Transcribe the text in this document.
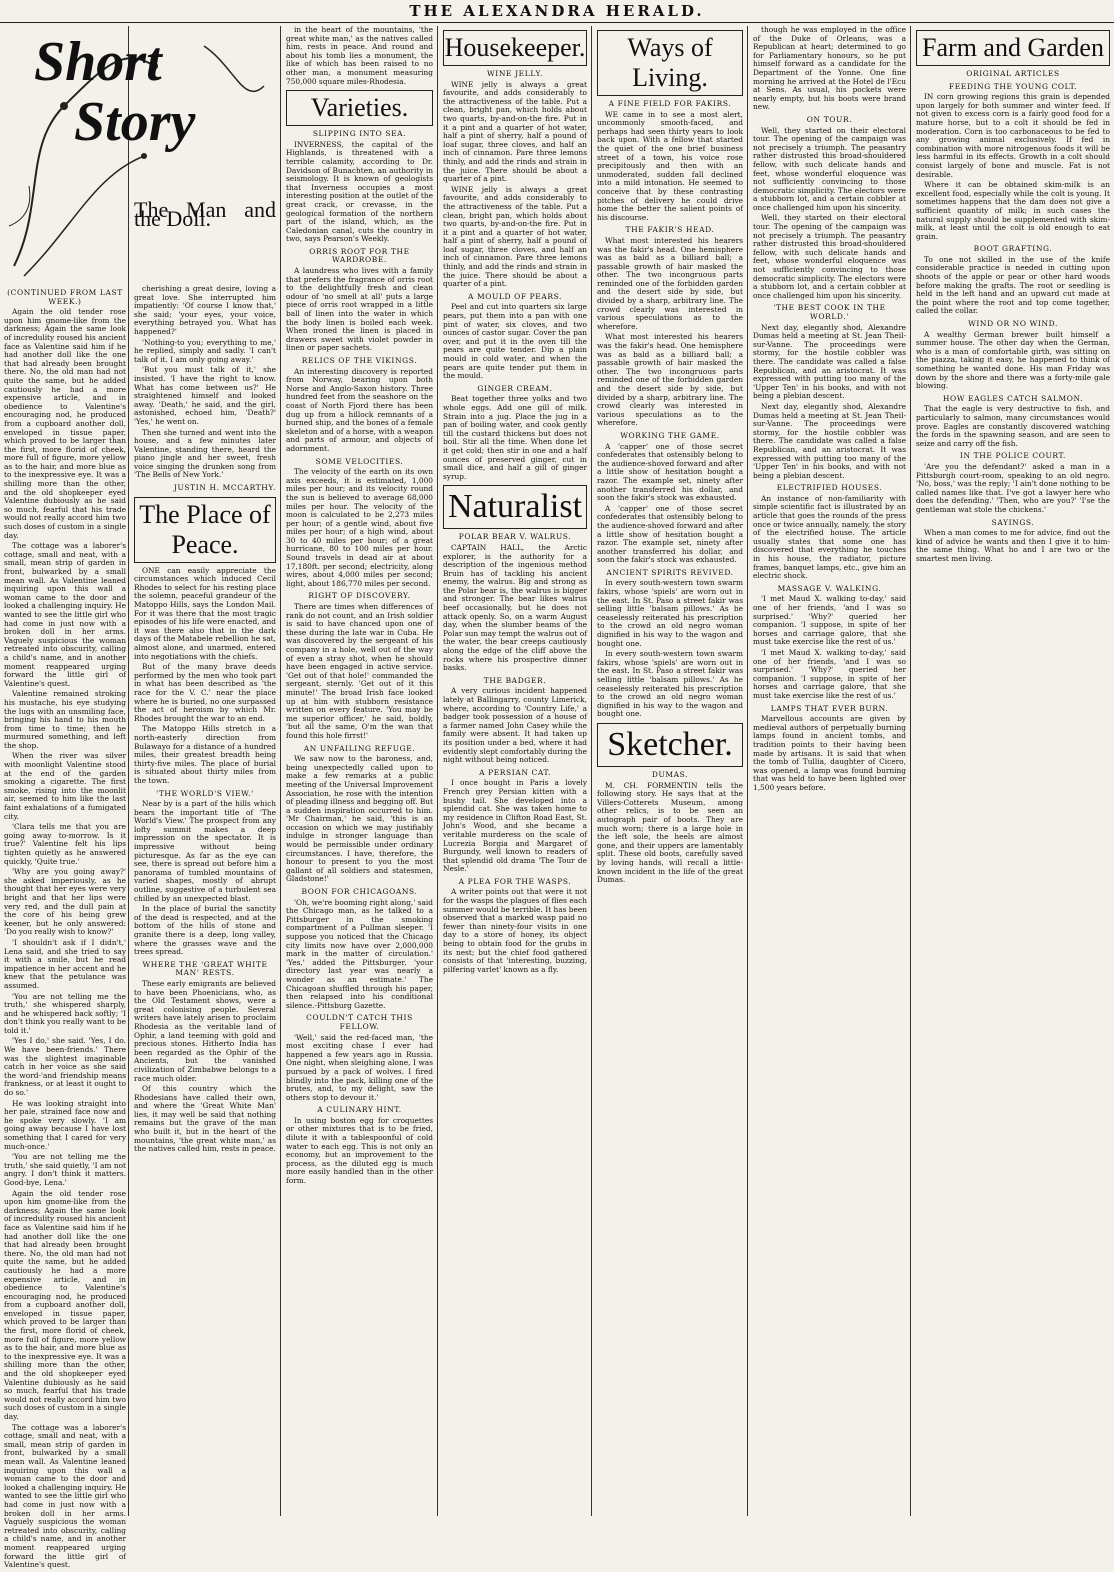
THE ALEXANDRA HERALD.
Short
Story
The Man and the Doll.
(CONTINUED FROM LAST WEEK.)

Again the old tender rose upon him gnome-like from the darkness; Again the same look of incredulity roused his ancient face as Valentine said him if he had another doll like the one that had already been brought there. No, the old man had not quite the same, but he added cautiously he had a more expensive article, and in obedience to Valentine's encouraging nod, he produced from a cupboard another doll, enveloped in tissue paper, which proved to be larger than the first, more florid of cheek, more full of figure, more yellow as to the hair, and more blue as to the inexpressive eye. It was a shilling more than the other, and the old shopkeeper eyed Valentine dubiously as he said so much, fearful that his trade would not really accord him two such doses of custom in a single day.

The cottage was a laborer's cottage, small and neat, with a small, mean strip of garden in front, bulwarked by a small mean wall. As Valentine leaned inquiring upon this wall a woman came to the door and looked a challenging inquiry. He wanted to see the little girl who had come in just now with a broken doll in her arms. Vaguely suspicious the woman retreated into obscurity, calling a child's name, and in another moment reappeared urging forward the little girl of Valentine's quest.

Valentine remained stroking his mustache, his eye studying the lugs with an unsmiling face, bringing his hand to his mouth from time to time; then he murmured something, and left the shop.

When the river was silver with moonlight Valentine stood at the end of the garden smoking a cigarette. The first smoke, rising into the moonlit air, seemed to him like the last faint exhalations of a fumigated city.

'Clara tells me that you are going away to-morrow. Is it true?' Valentine felt his lips tighten quietly as he answered quickly, 'Quite true.'

'Why are you going away?' she asked imperiously, as he thought that her eyes were very bright and that her lips were very red, and the dull pain at the core of his being grew keener, but he only answered: 'Do you really wish to know?'

'I shouldn't ask if I didn't,' Lena said, and she tried to say it with a smile, but he read impatience in her accent and he knew that the petulance was assumed.

'You are not telling me the truth,' she whispered sharply, and he whispered back softly; 'I don't think you really want to be told it.'

'Yes I do,' she said. 'Yes, I do. We have been-friends.' There was the slightest imaginable catch in her voice as she said the word-'and friendship means frankness, or at least it ought to do so.'

He was looking straight into her pale, strained face now and he spoke very slowly. 'I am going away because I have lost something that I cared for very much-once.'

'You are not telling me the truth,' she said quietly, 'I am not angry. I don't think it matters. Good-bye, Lena.'

Again the old tender rose upon him gnome-like from the darkness; Again the same look of incredulity roused his ancient face as Valentine said him if he had another doll like the one that had already been brought there. No, the old man had not quite the same, but he added cautiously he had a more expensive article, and in obedience to Valentine's encouraging nod, he produced from a cupboard another doll, enveloped in tissue paper, which proved to be larger than the first, more florid of cheek, more full of figure, more yellow as to the hair, and more blue as to the inexpressive eye. It was a shilling more than the other, and the old shopkeeper eyed Valentine dubiously as he said so much, fearful that his trade would not really accord him two such doses of custom in a single day.

The cottage was a laborer's cottage, small and neat, with a small, mean strip of garden in front, bulwarked by a small mean wall. As Valentine leaned inquiring upon this wall a woman came to the door and looked a challenging inquiry. He wanted to see the little girl who had come in just now with a broken doll in her arms. Vaguely suspicious the woman retreated into obscurity, calling a child's name, and in another moment reappeared urging forward the little girl of Valentine's quest.

cherishing a great desire, loving a great love. She interrupted him impatiently: 'Of course I know that,' she said; 'your eyes, your voice, everything betrayed you. What has happened?'

'Nothing-to you; everything to me,' he replied, simply and sadly. 'I can't talk of it. I am only going away.'

'But you must talk of it,' she insisted. 'I have the right to know. What has come between us?' He straightened himself and looked away. 'Death,' he said, and the girl, astonished, echoed him, 'Death?' 'Yes,' he went on.

Then she turned and went into the house, and a few minutes later Valentine, standing there, heard the piano jingle and her sweet, fresh voice singing the drunken song from 'The Bells of New York.'

JUSTIN H. MCCARTHY.
The Place of Peace.

ONE can easily appreciate the circumstances which induced Cecil Rhodes to select for his resting place the solemn, peaceful grandeur of the Matoppo Hills, says the London Mail. For it was there that the most tragic episodes of his life were enacted, and it was there also that in the dark days of the Matabele rebellion he sat, almost alone, and unarmed, entered into negotiations with the chiefs.

But of the many brave deeds performed by the men who took part in what has been described as 'the race for the V. C.' near the place where he is buried, no one surpassed the act of heroism by which Mr. Rhodes brought the war to an end.

The Matoppo Hills stretch in a north-easterly direction from Bulawayo for a distance of a hundred miles, their greatest breadth being thirty-five miles. The place of burial is situated about thirty miles from the town.

'THE WORLD'S VIEW.'

Near by is a part of the hills which bears the important title of 'The World's View.' The prospect from any lofty summit makes a deep impression on the spectator. It is impressive without being picturesque. As far as the eye can see, there is spread out before him a panorama of tumbled mountains of varied shapes, mostly of abrupt outline, suggestive of a turbulent sea chilled by an unexpected blast.

In the place of burial the sanctity of the dead is respected, and at the bottom of the hills of stone and granite there is a deep, long valley, where the grasses wave and the trees spread.

WHERE THE 'GREAT WHITE MAN' RESTS.

These early emigrants are believed to have been Phoenicians, who, as the Old Testament shows, were a great colonising people. Several writers have lately arisen to proclaim Rhodesia as the veritable land of Ophir, a land teeming with gold and precious stones. Hitherto India has been regarded as the Ophir of the Ancients, but the vanished civilization of Zimbabwe belongs to a race much older.

Of this country which the Rhodesians have called their own, and where the 'Great White Man' lies, it may well be said that nothing remains but the grave of the man who built it, but in the heart of the mountains, 'the great white man,' as the natives called him, rests in peace.

in the heart of the mountains, 'the great white man,' as the natives called him, rests in peace. And round and about his tomb lies a monument, the like of which has been raised to no other man, a monument measuring 750,000 square miles-Rhodesia.

Varieties.
SLIPPING INTO SEA.

INVERNESS, the capital of the Highlands, is threatened with a terrible calamity, according to Dr. Davidson of Bunachten, an authority in seismology. It is known of geologists that Inverness occupies a most interesting position at the outlet of the great crack, or crevasse, in the geological formation of the northern part of the island, which, as the Caledonian canal, cuts the country in two, says Pearson's Weekly.

ORRIS ROOT FOR THE WARDROBE.

A laundress who lives with a family that prefers the fragrance of orris root to the delightfully fresh and clean odour of 'no smell at all' puts a large piece of orris root wrapped in a little ball of linen into the water in which the body linen is boiled each week. When ironed the linen is placed in drawers sweet with violet powder in linen or paper sachets.

RELICS OF THE VIKINGS.

An interesting discovery is reported from Norway, bearing upon both Norse and Anglo-Saxon history. Three hundred feet from the seashore on the coast of North Fjord there has been dug up from a hillock remnants of a burned ship, and the bones of a female skeleton and of a horse, with a weapon and parts of armour, and objects of adornment.

SOME VELOCITIES.

The velocity of the earth on its own axis exceeds, it is estimated, 1,000 miles per hour; and its velocity round the sun is believed to average 68,000 miles per hour. The velocity of the moon is calculated to be 2,273 miles per hour; of a gentle wind, about five miles per hour; of a high wind, about 30 to 40 miles per hour; of a great hurricane, 80 to 100 miles per hour. Sound travels in dead air at about 17,180ft. per second; electricity, along wires, about 4,000 miles per second; light, about 186,770 miles per second.

RIGHT OF DISCOVERY.

There are times when differences of rank do not count, and an Irish soldier is said to have chanced upon one of these during the late war in Cuba. He was discovered by the sergeant of his company in a hole, well out of the way of even a stray shot, when he should have been engaged in active service. 'Get out of that hole!' commanded the sergeant, sternly. 'Get out of it this minute!' The broad Irish face looked up at him with stubborn resistance written on every feature. 'You may be me superior officer,' he said, boldly, 'but all the same, O'm the wan that found this hole firrst!'

AN UNFAILING REFUGE.

We saw now to the baroness, and, being unexpectedly called upon to make a few remarks at a public meeting of the Universal Improvement Association, he rose with the intention of pleading illness and begging off. But a sudden inspiration occurred to him. 'Mr Chairman,' he said, 'this is an occasion on which we may justifiably indulge in stronger language than would be permissible under ordinary circumstances. I have, therefore, the honour to present to you the most gallant of all soldiers and statesmen, Gladstone!'

BOON FOR CHICAGOANS.

'Oh, we're booming right along,' said the Chicago man, as he talked to a Pittsburger in the smoking compartment of a Pullman sleeper. 'I suppose you noticed that the Chicago city limits now have over 2,000,000 mark in the matter of circulation.' 'Yes,' added the Pittsburger, 'your directory last year was nearly a wonder as an estimate.' The Chicagoan shuffled through his paper, then relapsed into his conditional silence.-Pittsburg Gazette.

COULDN'T CATCH THIS FELLOW.

'Well,' said the red-faced man, 'the most exciting chase I ever had happened a few years ago in Russia. One night, when sleighing alone, I was pursued by a pack of wolves. I fired blindly into the pack, killing one of the brutes, and, to my delight, saw the others stop to devour it.'

A CULINARY HINT.

In using boston egg for croquettes or other mixtures that is to be fried, dilute it with a tablespoonful of cold water to each egg. This is not only an economy, but an improvement to the process, as the diluted egg is much more easily handled than in the other form.

Housekeeper.
WINE JELLY.

WINE jelly is always a great favourite, and adds considerably to the attractiveness of the table. Put a clean, bright pan, which holds about two quarts, by-and-on-the fire. Put in it a pint and a quarter of hot water, half a pint of sherry, half a pound of loaf sugar, three cloves, and half an inch of cinnamon. Pare three lemons thinly, and add the rinds and strain in the juice. There should be about a quarter of a pint.

WINE jelly is always a great favourite, and adds considerably to the attractiveness of the table. Put a clean, bright pan, which holds about two quarts, by-and-on-the fire. Put in it a pint and a quarter of hot water, half a pint of sherry, half a pound of loaf sugar, three cloves, and half an inch of cinnamon. Pare three lemons thinly, and add the rinds and strain in the juice. There should be about a quarter of a pint.

A MOULD OF PEARS.

Peel and cut into quarters six large pears, put them into a pan with one pint of water, six cloves, and two ounces of castor sugar. Cover the pan over, and put it in the oven till the pears are quite tender. Dip a plain mould in cold water, and when the pears are quite tender put them in the mould.

GINGER CREAM.

Beat together three yolks and two whole eggs. Add one gill of milk. Strain into a jug. Place the jug in a pan of boiling water, and cook gently till the custard thickens but does not boil. Stir all the time. When done let it get cold; then stir in one and a half ounces of preserved ginger, cut in small dice, and half a gill of ginger syrup.

Naturalist
POLAR BEAR V. WALRUS.

CAPTAIN HALL, the Arctic explorer, is the authority for a description of the ingenious method Bruin has of tackling his ancient enemy, the walrus. Big and strong as the Polar bear is, the walrus is bigger and stronger. The bear likes walrus beef occasionally, but he does not attack openly. So, on a warm August day, when the slumber beams of the Polar sun may tempt the walrus out of the water, the bear creeps cautiously along the edge of the cliff above the rocks where his prospective dinner basks.

THE BADGER.

A very curious incident happened lately at Ballingarry, county Limerick, where, according to 'Country Life,' a badger took possession of a house of a farmer named John Casey while the family were absent. It had taken up its position under a bed, where it had evidently slept comfortably during the night without being noticed.

A PERSIAN CAT.

I once bought in Paris a lovely French grey Persian kitten with a bushy tail. She developed into a splendid cat. She was taken home to my residence in Clifton Road East, St. John's Wood, and she became a veritable murderess on the scale of Lucrezia Borgia and Margaret of Burgundy, well known to readers of that splendid old drama 'The Tour de Nesle.'

A PLEA FOR THE WASPS.

A writer points out that were it not for the wasps the plagues of flies each summer would be terrible. It has been observed that a marked wasp paid no fewer than ninety-four visits in one day to a store of honey, its object being to obtain food for the grubs in its nest; but the chief food gathered consists of that 'interesting, buzzing, pilfering varlet' known as a fly.

Ways of Living.
A FINE FIELD FOR FAKIRS.

WE came in to see a most alert, uncommonly smooth-faced, and perhaps had seen thirty years to look back upon. With a fellow that started the quiet of the one brief business street of a town, his voice rose precipitously and then with an unmoderated, sudden fall declined into a mild intonation. He seemed to conceive that by these contrasting pitches of delivery he could drive home the better the salient points of his discourse.

THE FAKIR'S HEAD.

What most interested his hearers was the fakir's head. One hemisphere was as bald as a billiard ball; a passable growth of hair masked the other. The two incongruous parts reminded one of the forbidden garden and the desert side by side, but divided by a sharp, arbitrary line. The crowd clearly was interested in various speculations as to the wherefore.

What most interested his hearers was the fakir's head. One hemisphere was as bald as a billiard ball; a passable growth of hair masked the other. The two incongruous parts reminded one of the forbidden garden and the desert side by side, but divided by a sharp, arbitrary line. The crowd clearly was interested in various speculations as to the wherefore.

WORKING THE GAME.

A 'capper' one of those secret confederates that ostensibly belong to the audience-shoved forward and after a little show of hesitation bought a razor. The example set, ninety after another transferred his dollar, and soon the fakir's stock was exhausted.

A 'capper' one of those secret confederates that ostensibly belong to the audience-shoved forward and after a little show of hesitation bought a razor. The example set, ninety after another transferred his dollar, and soon the fakir's stock was exhausted.

ANCIENT SPIRITS REVIVED.

In every south-western town swarm fakirs, whose 'spiels' are worn out in the east. In St. Paso a street fakir was selling little 'balsam pillows.' As he ceaselessly reiterated his prescription to the crowd an old negro woman dignified in his way to the wagon and bought one.

In every south-western town swarm fakirs, whose 'spiels' are worn out in the east. In St. Paso a street fakir was selling little 'balsam pillows.' As he ceaselessly reiterated his prescription to the crowd an old negro woman dignified in his way to the wagon and bought one.

Sketcher.
DUMAS.

M. CH. FORMENTIN tells the following story. He says that at the Villers-Cotterets Museum, among other relics, is to be seen an autograph pair of boots. They are much worn; there is a large hole in the left sole, the heels are almost gone, and their uppers are lamentably split. These old boots, carefully saved by loving hands, will recall a little-known incident in the life of the great Dumas.

though he was employed in the office of the Duke of Orleans, was a Republican at heart; determined to go for Parliamentary honours, so he put himself forward as a candidate for the Department of the Yonne. One fine morning he arrived at the Hotel de l'Ecu at Sens. As usual, his pockets were nearly empty, but his boots were brand new.

ON TOUR.

Well, they started on their electoral tour. The opening of the campaign was not precisely a triumph. The peasantry rather distrusted this broad-shouldered fellow, with such delicate hands and feet, whose wonderful eloquence was not sufficiently convincing to those democratic simplicity. The electors were a stubborn lot, and a certain cobbler at once challenged him upon his sincerity.

Well, they started on their electoral tour. The opening of the campaign was not precisely a triumph. The peasantry rather distrusted this broad-shouldered fellow, with such delicate hands and feet, whose wonderful eloquence was not sufficiently convincing to those democratic simplicity. The electors were a stubborn lot, and a certain cobbler at once challenged him upon his sincerity.

'THE BEST COOK IN THE WORLD.'

Next day, elegantly shod, Alexandre Dumas held a meeting at St. Jean Theil-sur-Vanne. The proceedings were stormy, for the hostile cobbler was there. The candidate was called a false Republican, and an aristocrat. It was expressed with putting too many of the 'Upper Ten' in his books, and with not being a plebian descent.

Next day, elegantly shod, Alexandre Dumas held a meeting at St. Jean Theil-sur-Vanne. The proceedings were stormy, for the hostile cobbler was there. The candidate was called a false Republican, and an aristocrat. It was expressed with putting too many of the 'Upper Ten' in his books, and with not being a plebian descent.

ELECTRIFIED HOUSES.

An instance of non-familiarity with simple scientific fact is illustrated by an article that goes the rounds of the press once or twice annually, namely, the story of the electrified house. The article usually states that some one has discovered that everything he touches in his house, the radiator, picture frames, banquet lamps, etc., give him an electric shock.

MASSAGE V. WALKING.

'I met Maud X. walking to-day,' said one of her friends, 'and I was so surprised.' 'Why?' queried her companion. 'I suppose, in spite of her horses and carriage galore, that she must take exercise like the rest of us.'

'I met Maud X. walking to-day,' said one of her friends, 'and I was so surprised.' 'Why?' queried her companion. 'I suppose, in spite of her horses and carriage galore, that she must take exercise like the rest of us.'

LAMPS THAT EVER BURN.

Marvellous accounts are given by medieval authors of perpetually burning lamps found in ancient tombs, and tradition points to their having been made by artisans. It is said that when the tomb of Tullia, daughter of Cicero, was opened, a lamp was found burning that was held to have been lighted over 1,500 years before.

Farm and Garden
ORIGINAL ARTICLES
FEEDING THE YOUNG COLT.

IN corn growing regions this grain is depended upon largely for both summer and winter feed. If not given to excess corn is a fairly good food for a mature horse, but to a colt it should be fed in moderation. Corn is too carbonaceous to be fed to any growing animal exclusively. If fed in combination with more nitrogenous foods it will be less harmful in its effects. Growth in a colt should consist largely of bone and muscle. Fat is not desirable.

Where it can be obtained skim-milk is an excellent food, especially while the colt is young. It sometimes happens that the dam does not give a sufficient quantity of milk; in such cases the natural supply should be supplemented with skim-milk, at least until the colt is old enough to eat grain.

BOOT GRAFTING.

To one not skilled in the use of the knife considerable practice is needed in cutting upon shoots of the apple or pear or other hard woods before making the grafts. The root or seedling is held in the left hand and an upward cut made at the point where the root and top come together, called the collar.

WIND OR NO WIND.

A wealthy German brewer built himself a summer house. The other day when the German, who is a man of comfortable girth, was sitting on the piazza, taking it easy, he happened to think of something he wanted done. His man Friday was down by the shore and there was a forty-mile gale blowing.

HOW EAGLES CATCH SALMON.

That the eagle is very destructive to fish, and particularly to salmon, many circumstances would prove. Eagles are constantly discovered watching the fords in the spawning season, and are seen to seize and carry off the fish.

IN THE POLICE COURT.

'Are you the defendant?' asked a man in a Pittsburgh court-room, speaking to an old negro. 'No, boss,' was the reply; 'I ain't done nothing to be called names like that. I've got a lawyer here who does the defending.' 'Then, who are you?' 'I'se the gentleman wat stole the chickens.'

SAYINGS.

When a man comes to me for advice, find out the kind of advice he wants and then I give it to him-the same thing. What ho and I are two or the smartest men living.
